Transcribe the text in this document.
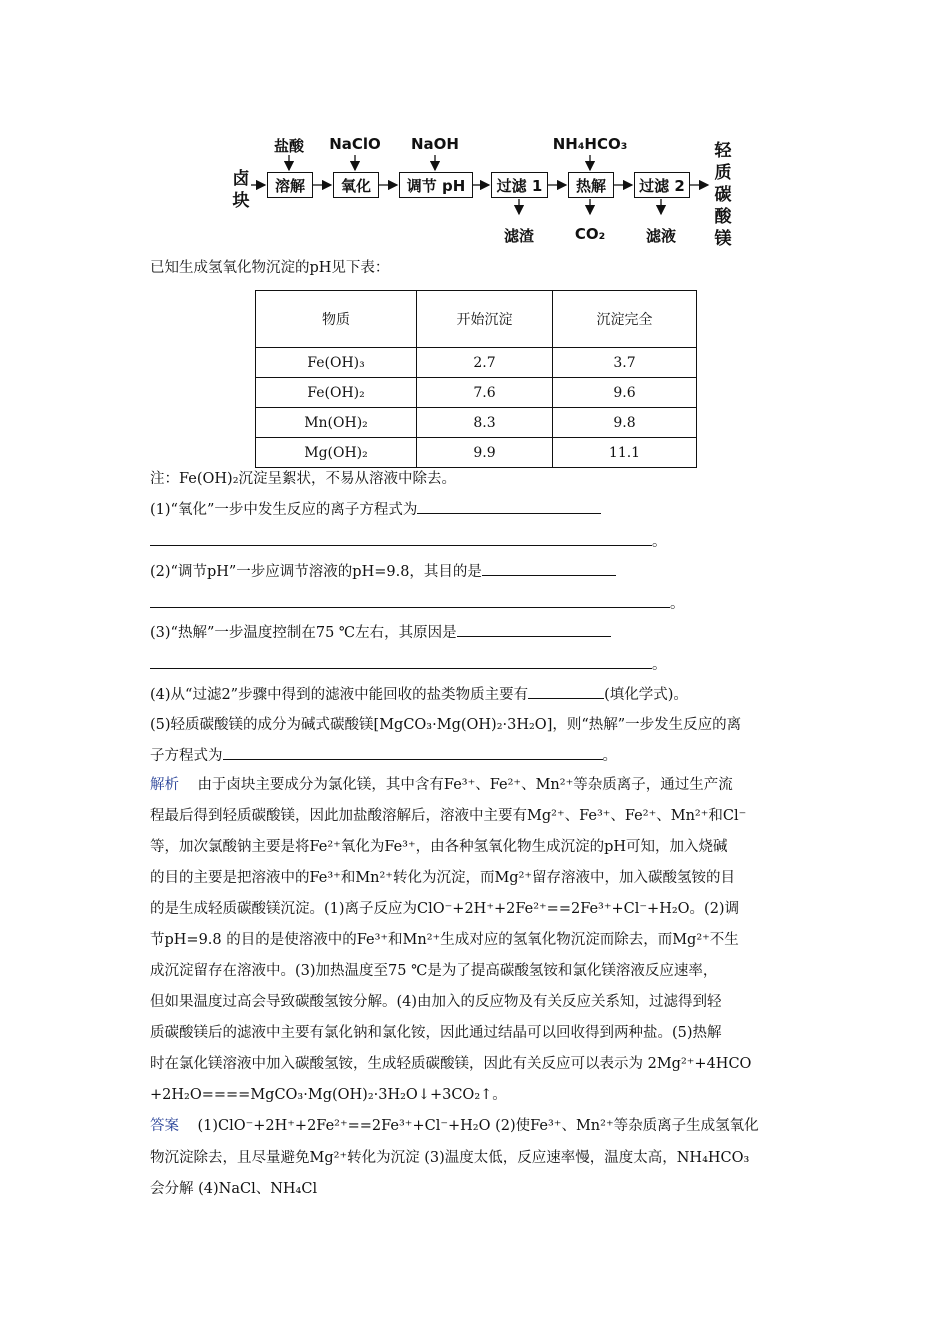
卤块
盐酸	NaClO	NaOH	NH₄HCO₃
溶解	氧化	调节 pH	过滤 1	热解	过滤 2
滤渣	CO₂	滤液
轻质碳酸镁
已知生成氢氧化物沉淀的pH见下表：
物质	开始沉淀	沉淀完全
Fe(OH)₃	2.7	3.7
Fe(OH)₂	7.6	9.6
Mn(OH)₂	8.3	9.8
Mg(OH)₂	9.9	11.1
注：Fe(OH)₂沉淀呈絮状，不易从溶液中除去。
(1)“氧化”一步中发生反应的离子方程式为
。
(2)“调节pH”一步应调节溶液的pH=9.8，其目的是
。
(3)“热解”一步温度控制在75 ℃左右，其原因是
。
(4)从“过滤2”步骤中得到的滤液中能回收的盐类物质主要有	(填化学式)。
(5)轻质碳酸镁的成分为碱式碳酸镁[MgCO₃·Mg(OH)₂·3H₂O]，则“热解”一步发生反应的离
子方程式为	。
解析 由于卤块主要成分为氯化镁，其中含有Fe³⁺、Fe²⁺、Mn²⁺等杂质离子，通过生产流
程最后得到轻质碳酸镁，因此加盐酸溶解后，溶液中主要有Mg²⁺、Fe³⁺、Fe²⁺、Mn²⁺和Cl⁻
等，加次氯酸钠主要是将Fe²⁺氧化为Fe³⁺，由各种氢氧化物生成沉淀的pH可知，加入烧碱
的目的主要是把溶液中的Fe³⁺和Mn²⁺转化为沉淀，而Mg²⁺留存溶液中，加入碳酸氢铵的目
的是生成轻质碳酸镁沉淀。(1)离子反应为ClO⁻+2H⁺+2Fe²⁺==2Fe³⁺+Cl⁻+H₂O。(2)调
节pH=9.8 的目的是使溶液中的Fe³⁺和Mn²⁺生成对应的氢氧化物沉淀而除去，而Mg²⁺不生
成沉淀留存在溶液中。(3)加热温度至75 ℃是为了提高碳酸氢铵和氯化镁溶液反应速率，
但如果温度过高会导致碳酸氢铵分解。(4)由加入的反应物及有关反应关系知，过滤得到轻
质碳酸镁后的滤液中主要有氯化钠和氯化铵，因此通过结晶可以回收得到两种盐。(5)热解
时在氯化镁溶液中加入碳酸氢铵，生成轻质碳酸镁，因此有关反应可以表示为 2Mg²⁺+4HCO
+2H₂O====MgCO₃·Mg(OH)₂·3H₂O↓+3CO₂↑。
答案 (1)ClO⁻+2H⁺+2Fe²⁺==2Fe³⁺+Cl⁻+H₂O (2)使Fe³⁺、Mn²⁺等杂质离子生成氢氧化
物沉淀除去，且尽量避免Mg²⁺转化为沉淀 (3)温度太低，反应速率慢，温度太高，NH₄HCO₃
会分解 (4)NaCl、NH₄Cl
